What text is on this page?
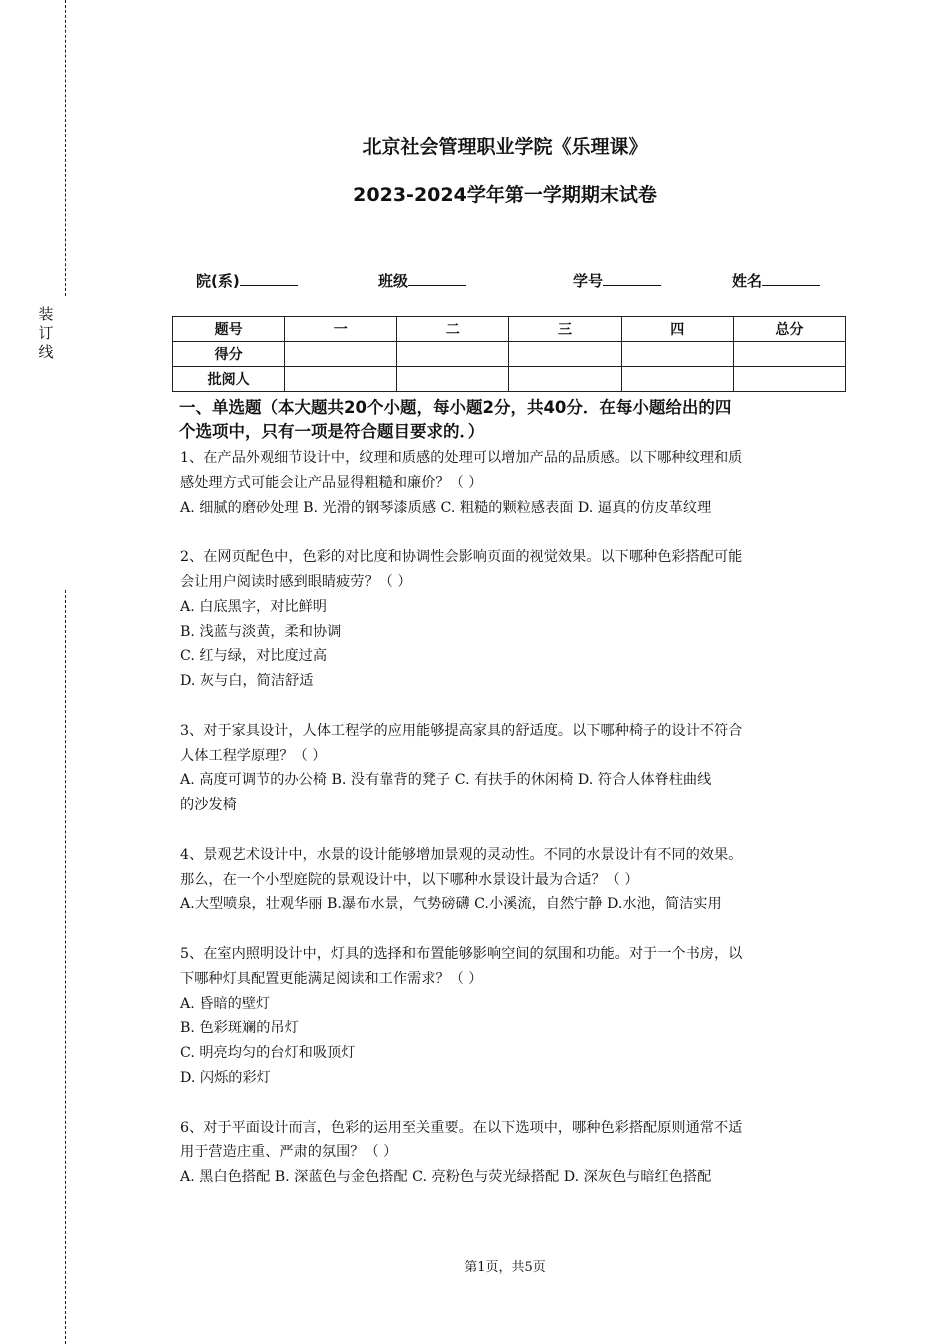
装订线
北京社会管理职业学院《乐理课》
2023-2024学年第一学期期末试卷
院(系)	班级	学号	姓名
题号	一	二	三	四	总分
得分					
批阅人					
一、单选题（本大题共20个小题，每小题2分，共40分．在每小题给出的四
个选项中，只有一项是符合题目要求的．）

1、在产品外观细节设计中，纹理和质感的处理可以增加产品的品质感。以下哪种纹理和质

感处理方式可能会让产品显得粗糙和廉价？（ ）

A. 细腻的磨砂处理 B. 光滑的钢琴漆质感 C. 粗糙的颗粒感表面 D. 逼真的仿皮革纹理

2、在网页配色中，色彩的对比度和协调性会影响页面的视觉效果。以下哪种色彩搭配可能

会让用户阅读时感到眼睛疲劳？（ ）

A. 白底黑字，对比鲜明

B. 浅蓝与淡黄，柔和协调

C. 红与绿，对比度过高

D. 灰与白，简洁舒适

3、对于家具设计，人体工程学的应用能够提高家具的舒适度。以下哪种椅子的设计不符合

人体工程学原理？（ ）

A. 高度可调节的办公椅 B. 没有靠背的凳子 C. 有扶手的休闲椅 D. 符合人体脊柱曲线

的沙发椅

4、景观艺术设计中，水景的设计能够增加景观的灵动性。不同的水景设计有不同的效果。

那么，在一个小型庭院的景观设计中，以下哪种水景设计最为合适？（ ）

A.大型喷泉，壮观华丽 B.瀑布水景，气势磅礴 C.小溪流，自然宁静 D.水池，简洁实用

5、在室内照明设计中，灯具的选择和布置能够影响空间的氛围和功能。对于一个书房，以

下哪种灯具配置更能满足阅读和工作需求？（ ）

A. 昏暗的壁灯

B. 色彩斑斓的吊灯

C. 明亮均匀的台灯和吸顶灯

D. 闪烁的彩灯

6、对于平面设计而言，色彩的运用至关重要。在以下选项中，哪种色彩搭配原则通常不适

用于营造庄重、严肃的氛围？（ ）

A. 黑白色搭配 B. 深蓝色与金色搭配 C. 亮粉色与荧光绿搭配 D. 深灰色与暗红色搭配

第1页，共5页
